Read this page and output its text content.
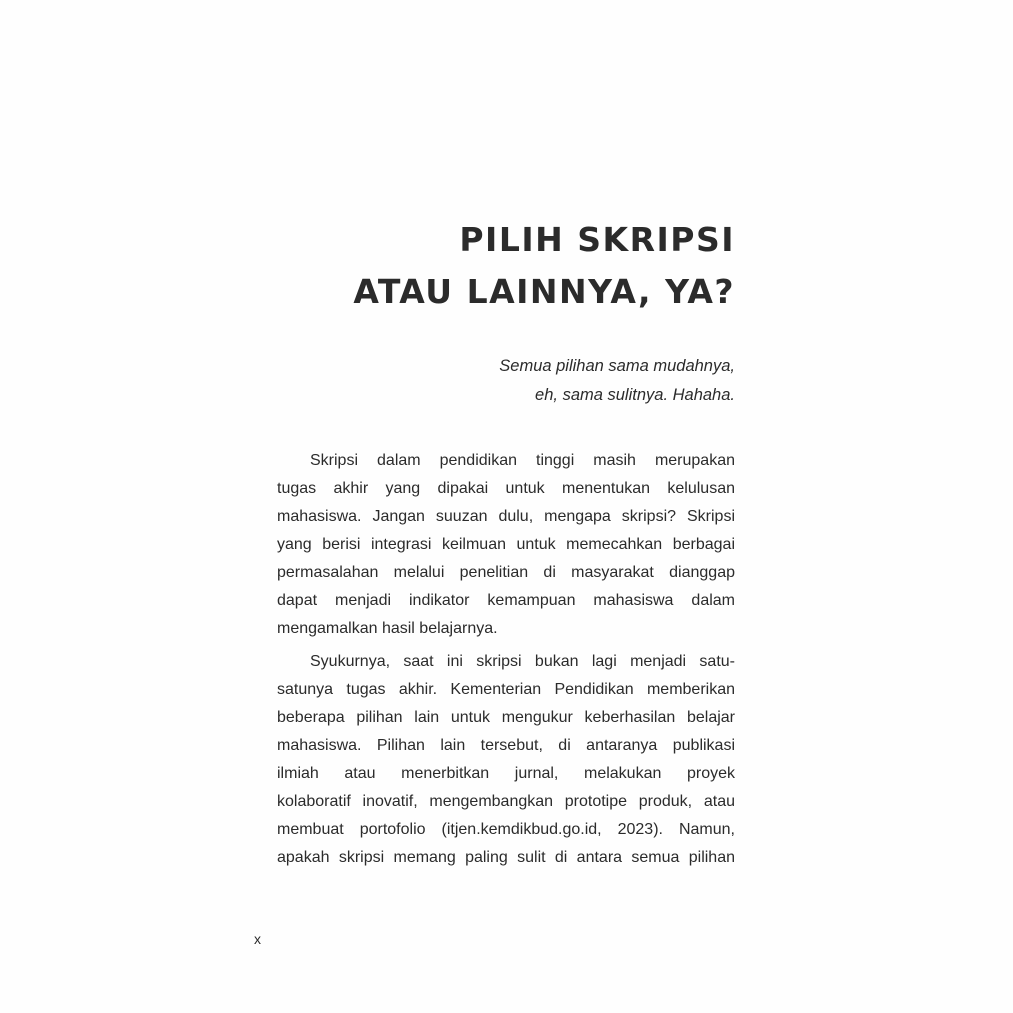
PILIH SKRIPSI
ATAU LAINNYA, YA?
Semua pilihan sama mudahnya,
eh, sama sulitnya. Hahaha.
Skripsi dalam pendidikan tinggi masih merupakan
tugas akhir yang dipakai untuk menentukan kelulusan
mahasiswa. Jangan suuzan dulu, mengapa skripsi? Skripsi
yang berisi integrasi keilmuan untuk memecahkan berbagai
permasalahan melalui penelitian di masyarakat dianggap
dapat menjadi indikator kemampuan mahasiswa dalam
mengamalkan hasil belajarnya.
Syukurnya, saat ini skripsi bukan lagi menjadi satu-
satunya tugas akhir. Kementerian Pendidikan memberikan
beberapa pilihan lain untuk mengukur keberhasilan belajar
mahasiswa. Pilihan lain tersebut, di antaranya publikasi
ilmiah atau menerbitkan jurnal, melakukan proyek
kolaboratif inovatif, mengembangkan prototipe produk, atau
membuat portofolio (itjen.kemdikbud.go.id, 2023). Namun,
apakah skripsi memang paling sulit di antara semua pilihan
x
